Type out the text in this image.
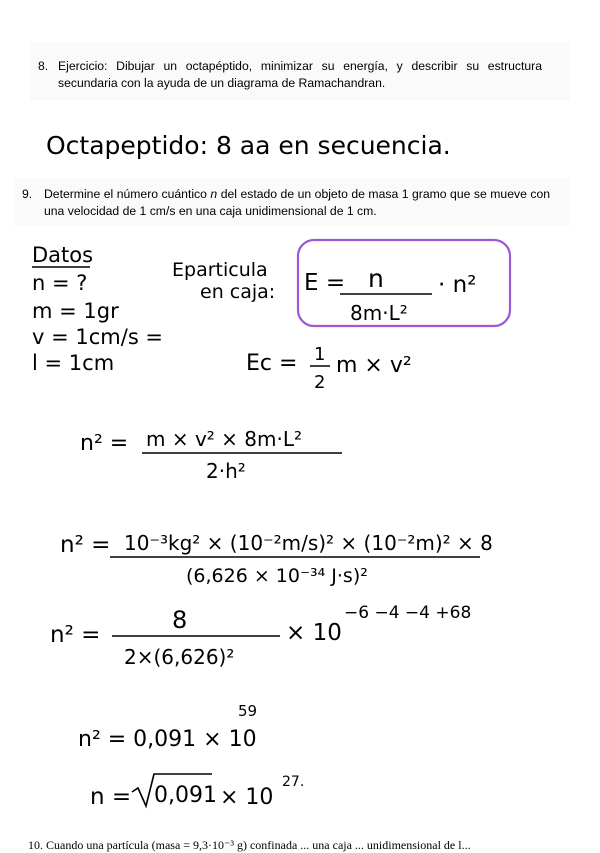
8. Ejercicio: Dibujar un octapéptido, minimizar su energía, y describir su estructura secundaria con la ayuda de un diagrama de Ramachandran.
9. Determine el número cuántico n del estado de un objeto de masa 1 gramo que se mueve con una velocidad de 1 cm/s en una caja unidimensional de 1 cm.
Octapeptido: 8 aa en secuencia.
Datos
n = ?
m = 1gr
v = 1cm/s =
l = 1cm
Eparticula
en caja: E = n
8m·L²
· n²
Ec = 1
2
m × v²
n² = m × v² × 8m·L²
2·h²
n² = 10⁻³kg² × (10⁻²m/s)² × (10⁻²m)² × 8
(6,626 × 10⁻³⁴ J·s)²
n² =
8
2×(6,626)²
× 10
−6 −4 −4 +68
n² = 0,091 × 10
59
n = 0,091 × 10
27.
10. Cuando una partícula (masa = 9,3·10⁻³ g) confinada ... una caja ... unidimensional de l...
